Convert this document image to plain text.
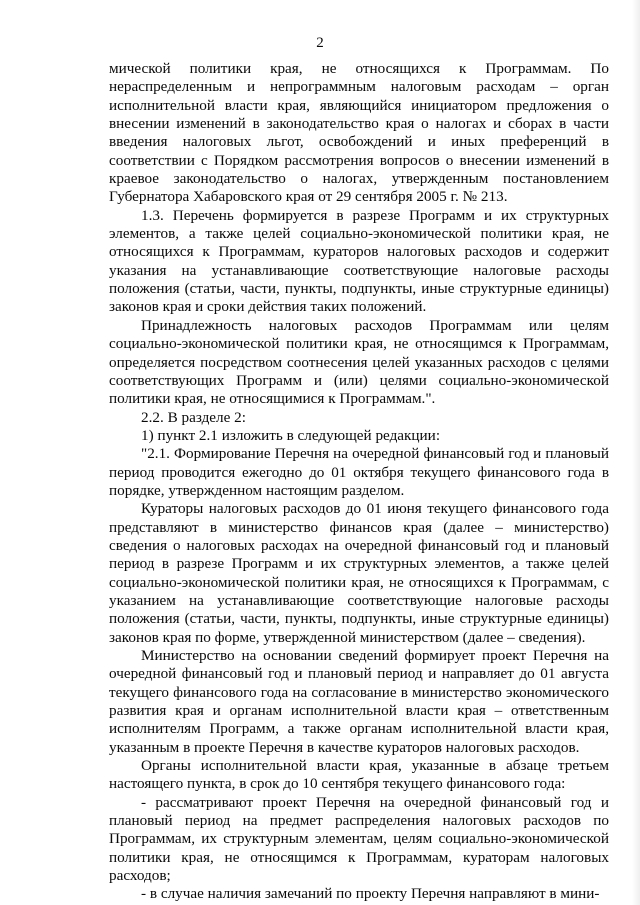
2

мической политики края, не относящихся к Программам. По нераспределенным и непрограммным налоговым расходам – орган исполнительной власти края, являющийся инициатором предложения о внесении изменений в законодательство края о налогах и сборах в части введения налоговых льгот, освобождений и иных преференций в соответствии с Порядком рассмотрения вопросов о внесении изменений в краевое законодательство о налогах, утвержденным постановлением Губернатора Хабаровского края от 29 сентября 2005 г. № 213.

1.3. Перечень формируется в разрезе Программ и их структурных элементов, а также целей социально-экономической политики края, не относящихся к Программам, кураторов налоговых расходов и содержит указания на устанавливающие соответствующие налоговые расходы положения (статьи, части, пункты, подпункты, иные структурные единицы) законов края и сроки действия таких положений.

Принадлежность налоговых расходов Программам или целям социально-экономической политики края, не относящимся к Программам, определяется посредством соотнесения целей указанных расходов с целями соответствующих Программ и (или) целями социально-экономической политики края, не относящимися к Программам.".

2.2. В разделе 2:

1) пункт 2.1 изложить в следующей редакции:

"2.1. Формирование Перечня на очередной финансовый год и плановый период проводится ежегодно до 01 октября текущего финансового года в порядке, утвержденном настоящим разделом.

Кураторы налоговых расходов до 01 июня текущего финансового года представляют в министерство финансов края (далее – министерство) сведения о налоговых расходах на очередной финансовый год и плановый период в разрезе Программ и их структурных элементов, а также целей социально-экономической политики края, не относящихся к Программам, с указанием на устанавливающие соответствующие налоговые расходы положения (статьи, части, пункты, подпункты, иные структурные единицы) законов края по форме, утвержденной министерством (далее – сведения).

Министерство на основании сведений формирует проект Перечня на очередной финансовый год и плановый период и направляет до 01 августа текущего финансового года на согласование в министерство экономического развития края и органам исполнительной власти края – ответственным исполнителям Программ, а также органам исполнительной власти края, указанным в проекте Перечня в качестве кураторов налоговых расходов.

Органы исполнительной власти края, указанные в абзаце третьем настоящего пункта, в срок до 10 сентября текущего финансового года:

- рассматривают проект Перечня на очередной финансовый год и плановый период на предмет распределения налоговых расходов по Программам, их структурным элементам, целям социально-экономической политики края, не относящимся к Программам, кураторам налоговых расходов;

- в случае наличия замечаний по проекту Перечня направляют в мини-
